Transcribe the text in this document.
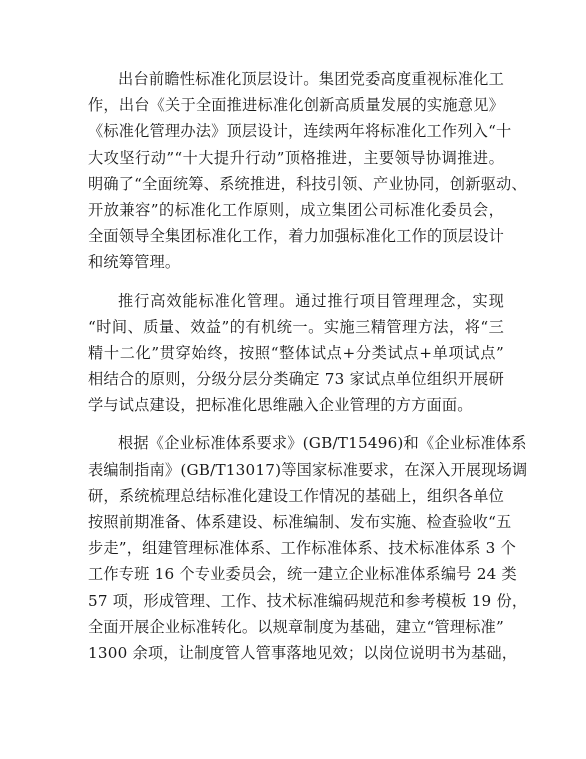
出台前瞻性标准化顶层设计。集团党委高度重视标准化工
作，出台《关于全面推进标准化创新高质量发展的实施意见》
《标准化管理办法》顶层设计，连续两年将标准化工作列入“十
大攻坚行动”“十大提升行动”顶格推进，主要领导协调推进。
明确了“全面统筹、系统推进，科技引领、产业协同，创新驱动、
开放兼容”的标准化工作原则，成立集团公司标准化委员会，
全面领导全集团标准化工作，着力加强标准化工作的顶层设计
和统筹管理。
推行高效能标准化管理。通过推行项目管理理念，实现
“时间、质量、效益”的有机统一。实施三精管理方法，将“三
精十二化”贯穿始终，按照“整体试点+分类试点+单项试点”
相结合的原则，分级分层分类确定 73 家试点单位组织开展研
学与试点建设，把标准化思维融入企业管理的方方面面。
根据《企业标准体系要求》(GB/T15496)和《企业标准体系
表编制指南》(GB/T13017)等国家标准要求，在深入开展现场调
研，系统梳理总结标准化建设工作情况的基础上，组织各单位
按照前期准备、体系建设、标准编制、发布实施、检查验收“五
步走”，组建管理标准体系、工作标准体系、技术标准体系 3 个
工作专班 16 个专业委员会，统一建立企业标准体系编号 24 类
57 项，形成管理、工作、技术标准编码规范和参考模板 19 份，
全面开展企业标准转化。以规章制度为基础，建立“管理标准”
1300 余项，让制度管人管事落地见效；以岗位说明书为基础，
